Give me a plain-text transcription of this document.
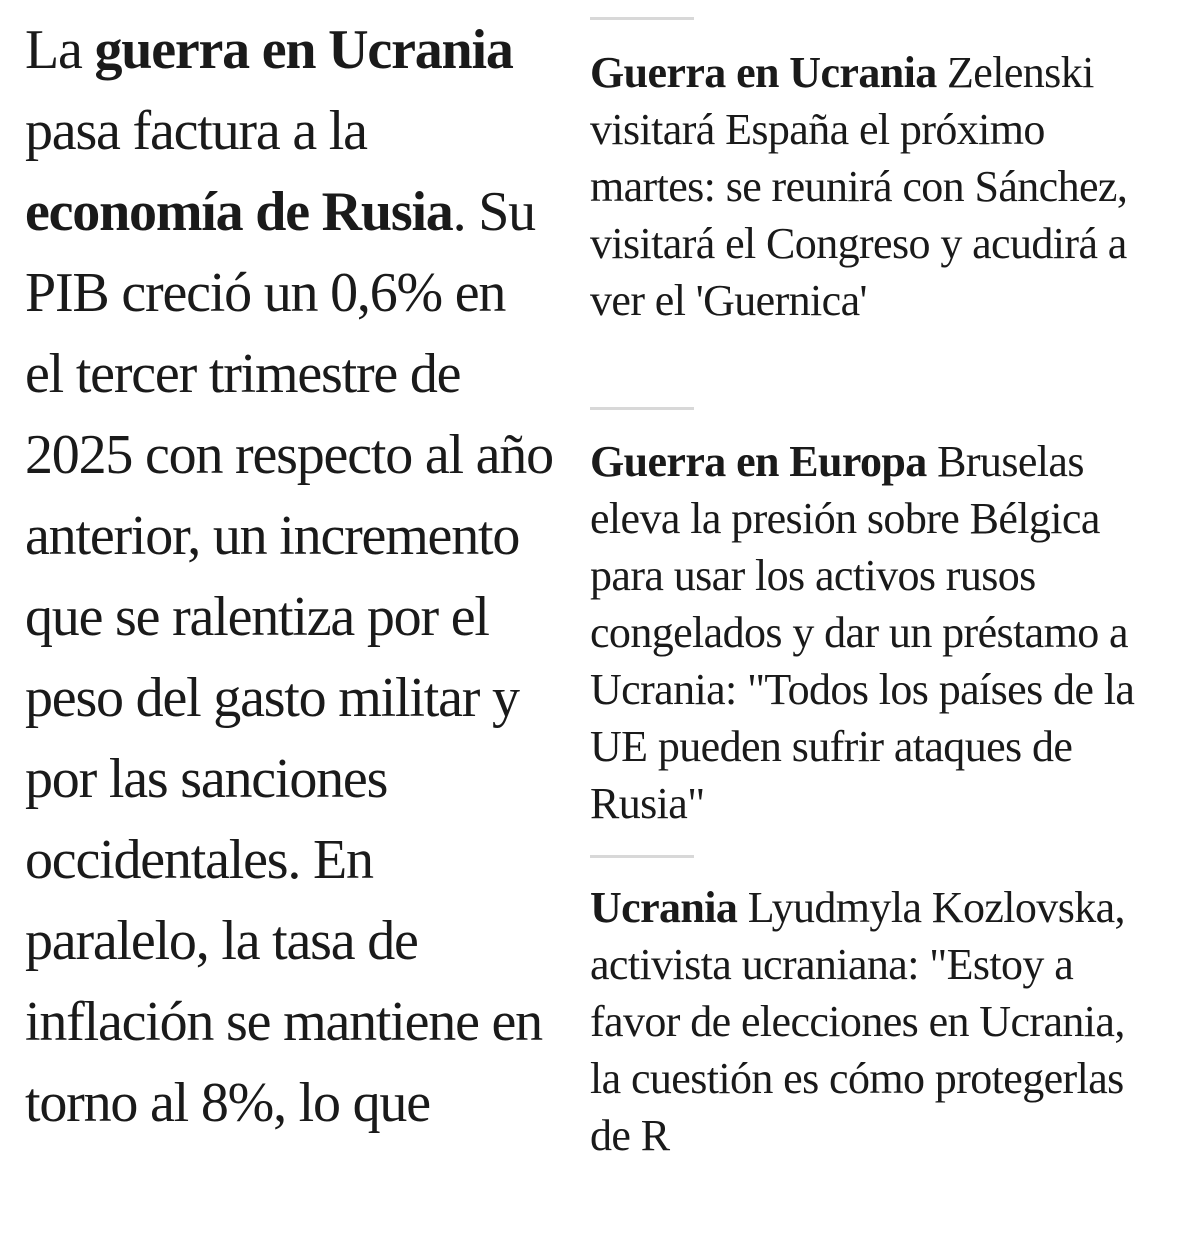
La guerra en Ucrania pasa factura a la economía de Rusia. Su PIB creció un 0,6% en el tercer trimestre de 2025 con respecto al año anterior, un incremento que se ralentiza por el peso del gasto militar y por las sanciones occidentales. En paralelo, la tasa de inflación se mantiene en torno al 8%, lo que

Guerra en Ucrania Zelenski visitará España el próximo martes: se reunirá con Sánchez, visitará el Congreso y acudirá a ver el 'Guernica'

Guerra en Europa Bruselas eleva la presión sobre Bélgica para usar los activos rusos congelados y dar un préstamo a Ucrania: "Todos los países de la UE pueden sufrir ataques de Rusia"

Ucrania Lyudmyla Kozlovska, activista ucraniana: "Estoy a favor de elecciones en Ucrania, la cuestión es cómo protegerlas de R
